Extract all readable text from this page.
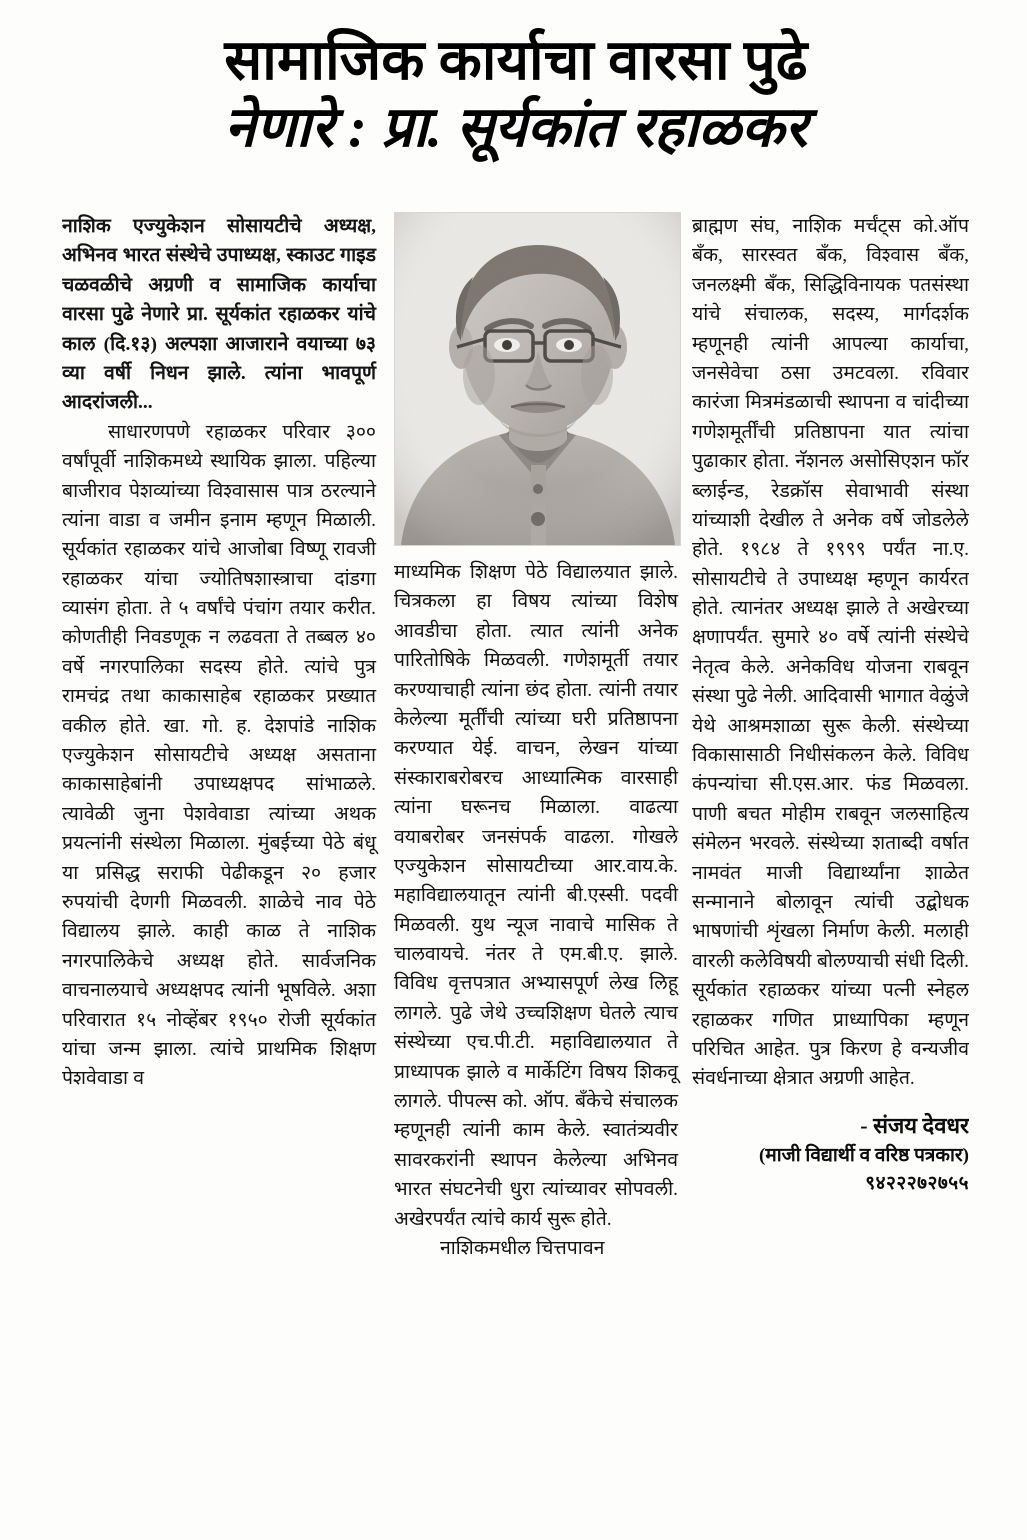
सामाजिक कार्याचा वारसा पुढे
नेणारे : प्रा. सूर्यकांत रहाळकर

नाशिक एज्युकेशन सोसायटीचे अध्यक्ष, अभिनव भारत संस्थेचे उपाध्यक्ष, स्काउट गाइड चळवळीचे अग्रणी व सामाजिक कार्याचा वारसा पुढे नेणारे प्रा. सूर्यकांत रहाळकर यांचे काल (दि.१३) अल्पशा आजाराने वयाच्या ७३ व्या वर्षी निधन झाले. त्यांना भावपूर्ण आदरांजली...

साधारणपणे रहाळकर परिवार ३०० वर्षांपूर्वी नाशिकमध्ये स्थायिक झाला. पहिल्या बाजीराव पेशव्यांच्या विश्वासास पात्र ठरल्याने त्यांना वाडा व जमीन इनाम म्हणून मिळाली. सूर्यकांत रहाळकर यांचे आजोबा विष्णू रावजी रहाळकर यांचा ज्योतिषशास्त्राचा दांडगा व्यासंग होता. ते ५ वर्षांचे पंचांग तयार करीत. कोणतीही निवडणूक न लढवता ते तब्बल ४० वर्षे नगरपालिका सदस्य होते. त्यांचे पुत्र रामचंद्र तथा काकासाहेब रहाळकर प्रख्यात वकील होते. खा. गो. ह. देशपांडे नाशिक एज्युकेशन सोसायटीचे अध्यक्ष असताना काकासाहेबांनी उपाध्यक्षपद सांभाळले. त्यावेळी जुना पेशवेवाडा त्यांच्या अथक प्रयत्नांनी संस्थेला मिळाला. मुंबईच्या पेठे बंधू या प्रसिद्ध सराफी पेढीकडून २० हजार रुपयांची देणगी मिळवली. शाळेचे नाव पेठे विद्यालय झाले. काही काळ ते नाशिक नगरपालिकेचे अध्यक्ष होते. सार्वजनिक वाचनालयाचे अध्यक्षपद त्यांनी भूषविले. अशा परिवारात १५ नोव्हेंबर १९५० रोजी सूर्यकांत यांचा जन्म झाला. त्यांचे प्राथमिक शिक्षण पेशवेवाडा व

माध्यमिक शिक्षण पेठे विद्यालयात झाले. चित्रकला हा विषय त्यांच्या विशेष आवडीचा होता. त्यात त्यांनी अनेक पारितोषिके मिळवली. गणेशमूर्ती तयार करण्याचाही त्यांना छंद होता. त्यांनी तयार केलेल्या मूर्तींची त्यांच्या घरी प्रतिष्ठापना करण्यात येई. वाचन, लेखन यांच्या संस्काराबरोबरच आध्यात्मिक वारसाही त्यांना घरूनच मिळाला. वाढत्या वयाबरोबर जनसंपर्क वाढला. गोखले एज्युकेशन सोसायटीच्या आर.वाय.के. महाविद्यालयातून त्यांनी बी.एस्सी. पदवी मिळवली. युथ न्यूज नावाचे मासिक ते चालवायचे. नंतर ते एम.बी.ए. झाले. विविध वृत्तपत्रात अभ्यासपूर्ण लेख लिहू लागले. पुढे जेथे उच्चशिक्षण घेतले त्याच संस्थेच्या एच.पी.टी. महाविद्यालयात ते प्राध्यापक झाले व मार्केटिंग विषय शिकवू लागले. पीपल्स को. ऑप. बँकेचे संचालक म्हणूनही त्यांनी काम केले. स्वातंत्र्यवीर सावरकरांनी स्थापन केलेल्या अभिनव भारत संघटनेची धुरा त्यांच्यावर सोपवली. अखेरपर्यंत त्यांचे कार्य सुरू होते.

नाशिकमधील चित्तपावन

ब्राह्मण संघ, नाशिक मर्चंट्स को.ऑप बँक, सारस्वत बँक, विश्वास बँक, जनलक्ष्मी बँक, सिद्धिविनायक पतसंस्था यांचे संचालक, सदस्य, मार्गदर्शक म्हणूनही त्यांनी आपल्या कार्याचा, जनसेवेचा ठसा उमटवला. रविवार कारंजा मित्रमंडळाची स्थापना व चांदीच्या गणेशमूर्तींची प्रतिष्ठापना यात त्यांचा पुढाकार होता. नॅशनल असोसिएशन फॉर ब्लाईन्ड, रेडक्रॉस सेवाभावी संस्था यांच्याशी देखील ते अनेक वर्षे जोडलेले होते. १९८४ ते १९९९ पर्यंत ना.ए. सोसायटीचे ते उपाध्यक्ष म्हणून कार्यरत होते. त्यानंतर अध्यक्ष झाले ते अखेरच्या क्षणापर्यंत. सुमारे ४० वर्षे त्यांनी संस्थेचे नेतृत्व केले. अनेकविध योजना राबवून संस्था पुढे नेली. आदिवासी भागात वेळुंजे येथे आश्रमशाळा सुरू केली. संस्थेच्या विकासासाठी निधीसंकलन केले. विविध कंपन्यांचा सी.एस.आर. फंड मिळवला. पाणी बचत मोहीम राबवून जलसाहित्य संमेलन भरवले. संस्थेच्या शताब्दी वर्षात नामवंत माजी विद्यार्थ्यांना शाळेत सन्मानाने बोलावून त्यांची उद्बोधक भाषणांची शृंखला निर्माण केली. मलाही वारली कलेविषयी बोलण्याची संधी दिली. सूर्यकांत रहाळकर यांच्या पत्नी स्नेहल रहाळकर गणित प्राध्यापिका म्हणून परिचित आहेत. पुत्र किरण हे वन्यजीव संवर्धनाच्या क्षेत्रात अग्रणी आहेत.

- संजय देवधर
(माजी विद्यार्थी व वरिष्ठ पत्रकार)
९४२२२७२७५५
